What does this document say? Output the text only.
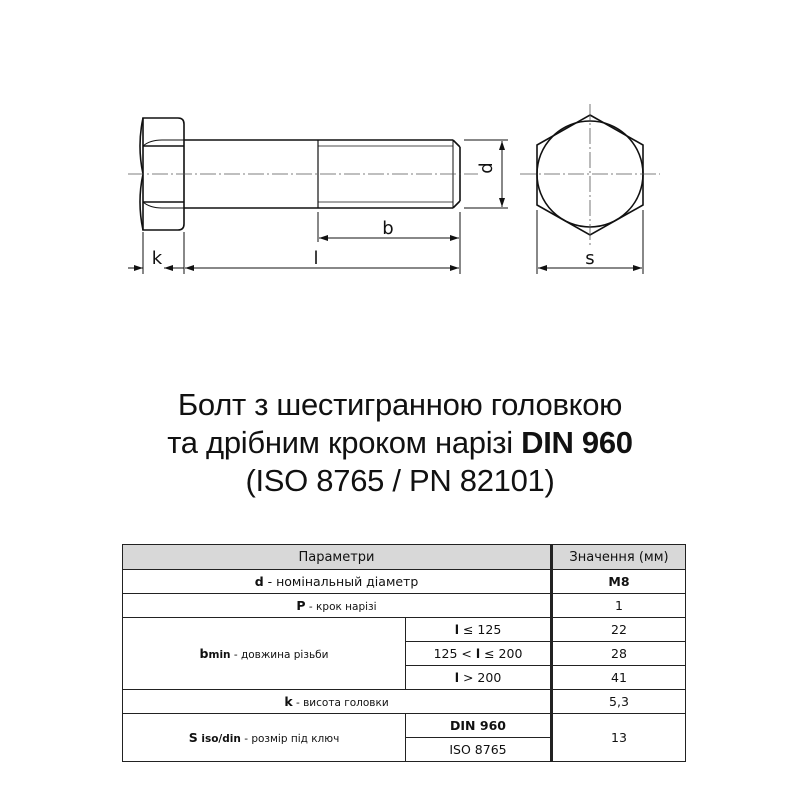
k	l
b
d
s
Болт з шестигранною головкою
та дрібним кроком нарізі DIN 960
(ISO 8765 / PN 82101)
Параметри		Значення (мм)
d - номінальный діаметр		M8
P - крок нарізі		1
bmin - довжина різьби	l ≤ 125	22
	125 < l ≤ 200	28
	l > 200	41
k - висота головки		5,3
S iso/din - розмір під ключ	DIN 960	13
	ISO 8765	
